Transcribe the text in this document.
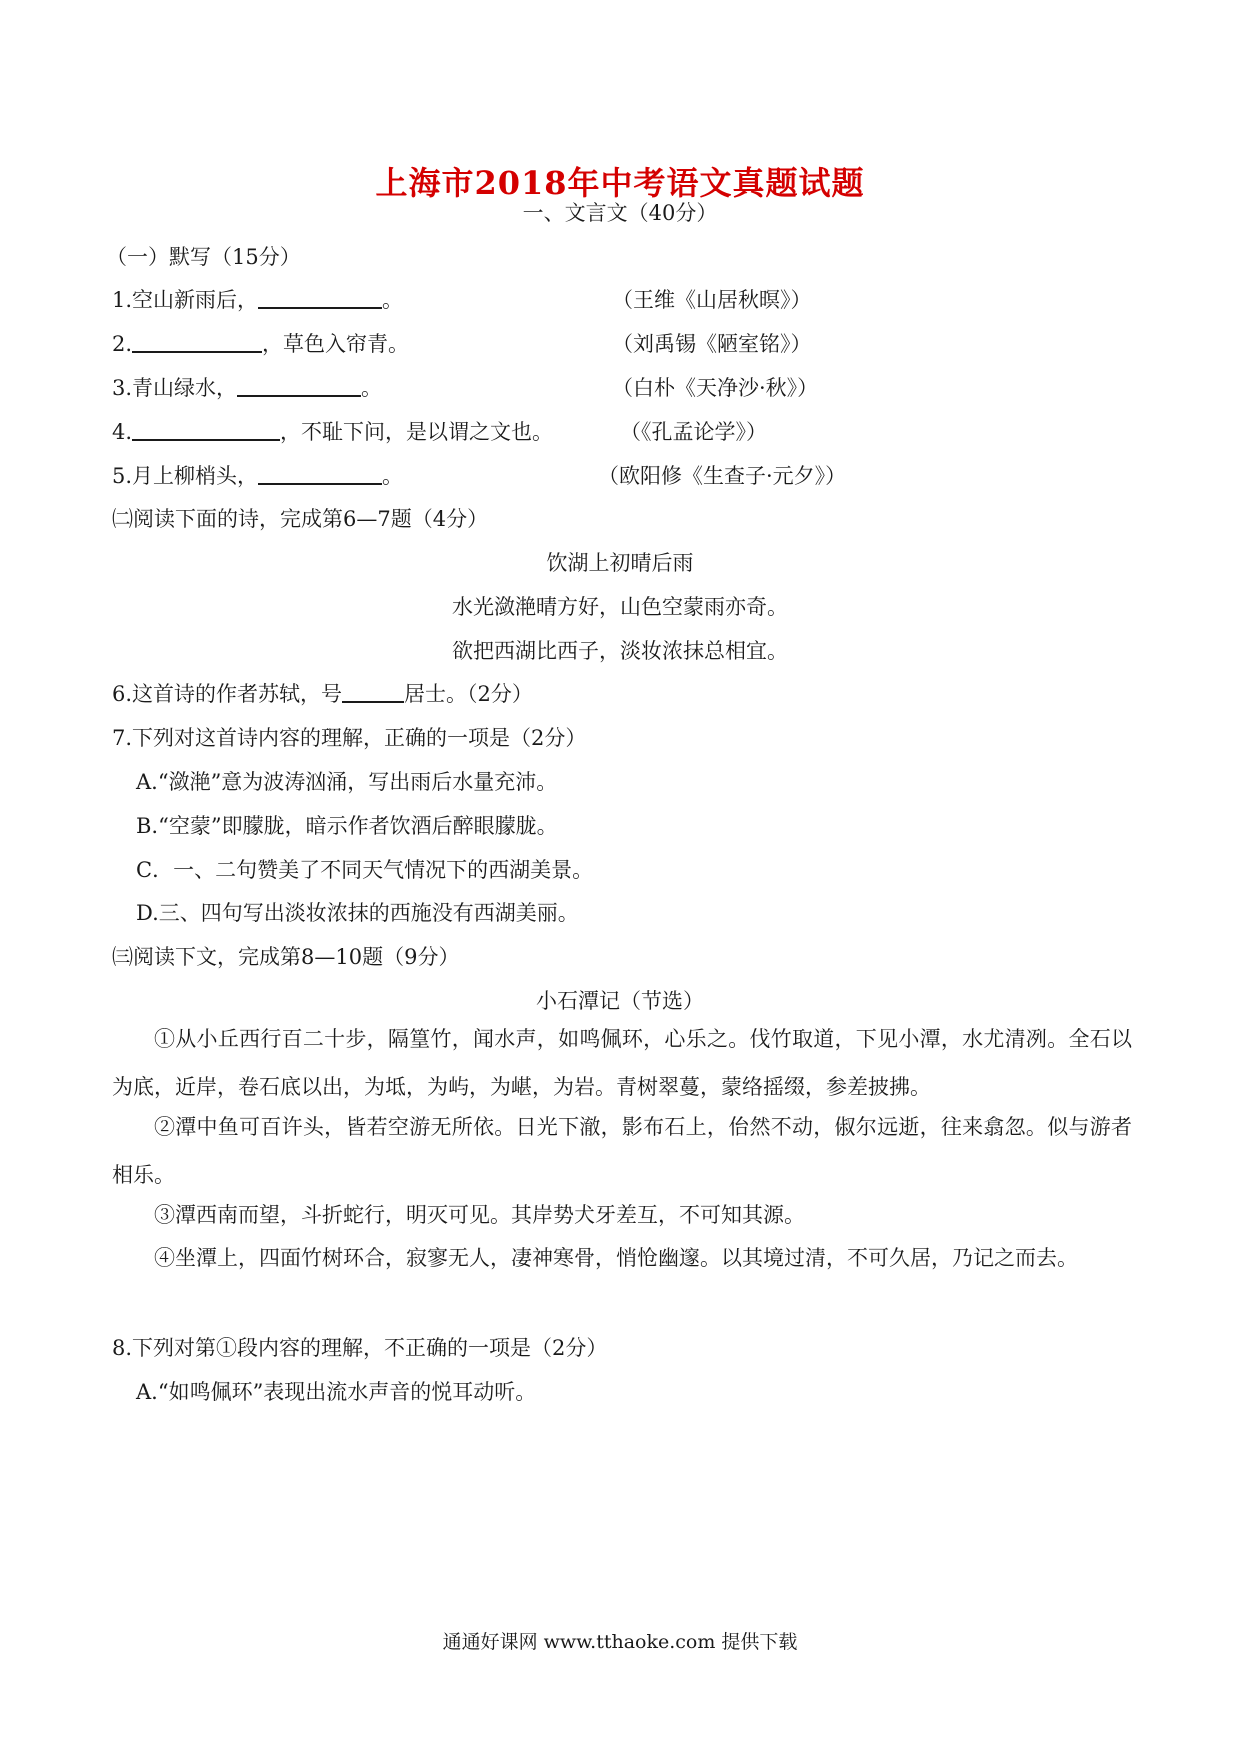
上海市2018年中考语文真题试题
一、文言文（40分）
（一）默写（15分）
1.空山新雨后，	。	（王维《山居秋暝》）
2.	，草色入帘青。	（刘禹锡《陋室铭》）
3.青山绿水，	。	（白朴《天净沙·秋》）
4.	，不耻下问，是以谓之文也。	（《孔孟论学》）
5.月上柳梢头，	。	（欧阳修《生查子·元夕》）
㈡阅读下面的诗，完成第6—7题（4分）
饮湖上初晴后雨
水光潋滟晴方好，山色空蒙雨亦奇。
欲把西湖比西子，淡妆浓抹总相宜。
6.这首诗的作者苏轼，号	居士。（2分）
7.下列对这首诗内容的理解，正确的一项是（2分）
A.“潋滟”意为波涛汹涌，写出雨后水量充沛。
B.“空蒙”即朦胧，暗示作者饮酒后醉眼朦胧。
C．一、二句赞美了不同天气情况下的西湖美景。
D.三、四句写出淡妆浓抹的西施没有西湖美丽。
㈢阅读下文，完成第8—10题（9分）
小石潭记（节选）
①从小丘西行百二十步，隔篁竹，闻水声，如鸣佩环，心乐之。伐竹取道，下见小潭，水尤清冽。全石以为底，近岸，卷石底以出，为坻，为屿，为嵁，为岩。青树翠蔓，蒙络摇缀，参差披拂。
②潭中鱼可百许头，皆若空游无所依。日光下澈，影布石上，佁然不动，俶尔远逝，往来翕忽。似与游者相乐。
③潭西南而望，斗折蛇行，明灭可见。其岸势犬牙差互，不可知其源。
④坐潭上，四面竹树环合，寂寥无人，凄神寒骨，悄怆幽邃。以其境过清，不可久居，乃记之而去。
8.下列对第①段内容的理解，不正确的一项是（2分）
A.“如鸣佩环”表现出流水声音的悦耳动听。
通通好课网 www.tthaoke.com 提供下载
